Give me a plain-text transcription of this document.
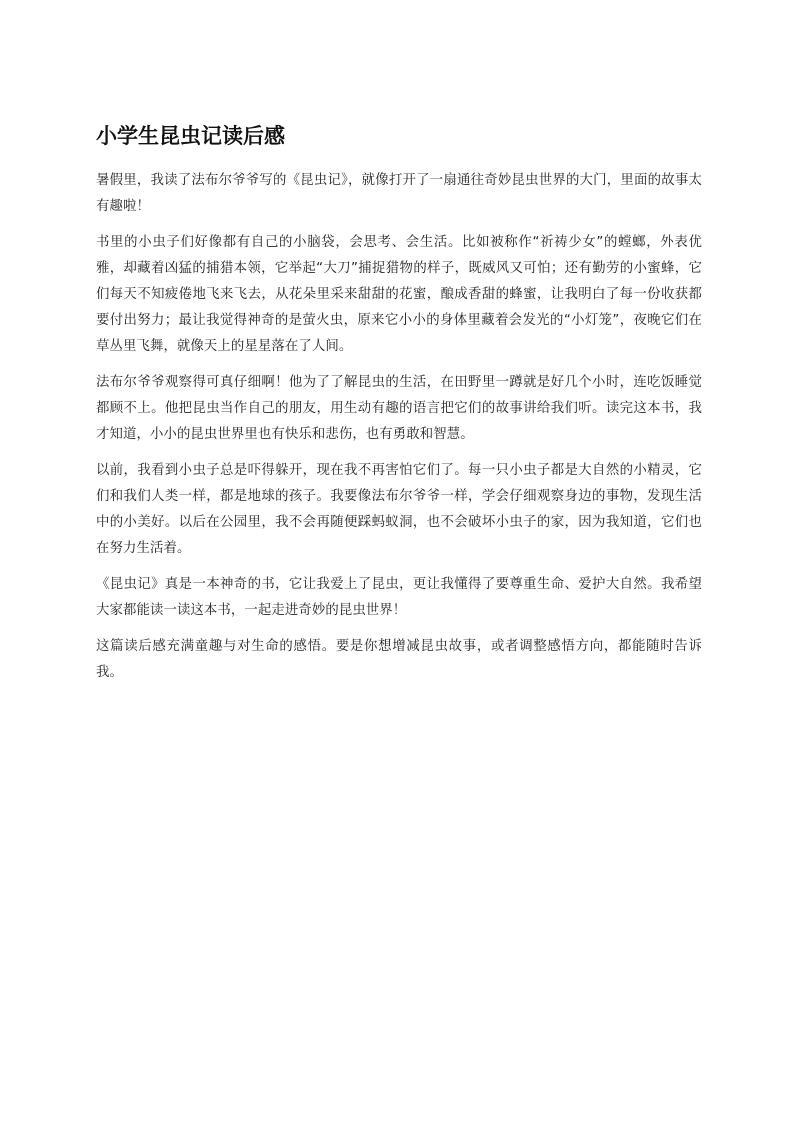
小学生昆虫记读后感

暑假里，我读了法布尔爷爷写的《昆虫记》，就像打开了一扇通往奇妙昆虫世界的大门，里面的故事太有趣啦！

书里的小虫子们好像都有自己的小脑袋，会思考、会生活。比如被称作“祈祷少女”的螳螂，外表优雅，却藏着凶猛的捕猎本领，它举起“大刀”捕捉猎物的样子，既威风又可怕；还有勤劳的小蜜蜂，它们每天不知疲倦地飞来飞去，从花朵里采来甜甜的花蜜，酿成香甜的蜂蜜，让我明白了每一份收获都要付出努力；最让我觉得神奇的是萤火虫，原来它小小的身体里藏着会发光的“小灯笼”，夜晚它们在草丛里飞舞，就像天上的星星落在了人间。

法布尔爷爷观察得可真仔细啊！他为了了解昆虫的生活，在田野里一蹲就是好几个小时，连吃饭睡觉都顾不上。他把昆虫当作自己的朋友，用生动有趣的语言把它们的故事讲给我们听。读完这本书，我才知道，小小的昆虫世界里也有快乐和悲伤，也有勇敢和智慧。

以前，我看到小虫子总是吓得躲开，现在我不再害怕它们了。每一只小虫子都是大自然的小精灵，它们和我们人类一样，都是地球的孩子。我要像法布尔爷爷一样，学会仔细观察身边的事物，发现生活中的小美好。以后在公园里，我不会再随便踩蚂蚁洞，也不会破坏小虫子的家，因为我知道，它们也在努力生活着。

《昆虫记》真是一本神奇的书，它让我爱上了昆虫，更让我懂得了要尊重生命、爱护大自然。我希望大家都能读一读这本书，一起走进奇妙的昆虫世界！

这篇读后感充满童趣与对生命的感悟。要是你想增减昆虫故事，或者调整感悟方向，都能随时告诉我。
